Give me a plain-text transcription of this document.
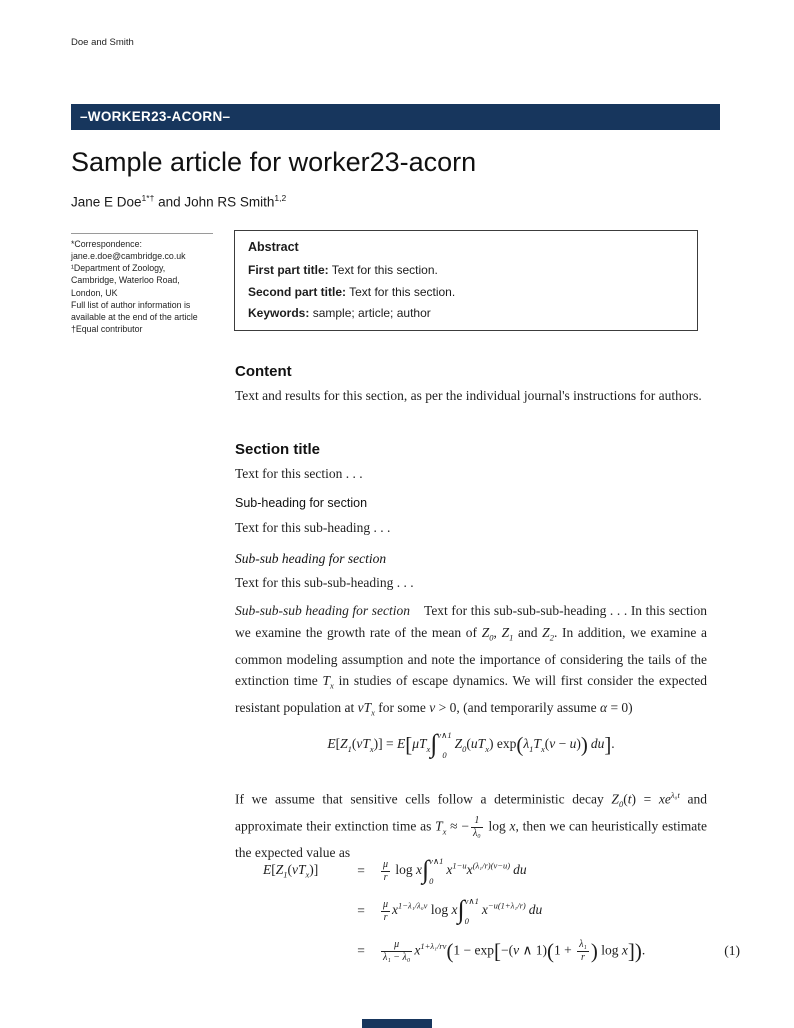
Doe and Smith
–WORKER23-ACORN–
Sample article for worker23-acorn
Jane E Doe$^{1*\dagger}$ and John RS Smith$^{1,2}$
*Correspondence:
jane.e.doe@cambridge.co.uk
¹Department of Zoology,
Cambridge, Waterloo Road,
London, UK
Full list of author information is
available at the end of the article
†Equal contributor
Abstract
First part title: Text for this section.
Second part title: Text for this section.
Keywords: sample; article; author
Content
Text and results for this section, as per the individual journal's instructions for authors.
Section title
Text for this section . . .
Sub-heading for section
Text for this sub-heading . . .
Sub-sub heading for section
Text for this sub-sub-heading . . .
Sub-sub-sub heading for section Text for this sub-sub-sub-heading . . . In this section we examine the growth rate of the mean of $Z_0$, $Z_1$ and $Z_2$. In addition, we examine a common modeling assumption and note the importance of considering the tails of the extinction time $T_x$ in studies of escape dynamics. We will first consider the expected resistant population at $vT_x$ for some v > 0, (and temporarily assume α = 0)
$E[Z_1(vT_x)] = E[\mu T_x\int$ v∧1
0
$Z_0(uT_x) \exp(\lambda_1T_x(v - u))$ du].
If we assume that sensitive cells follow a deterministic decay $Z_0(t) = xe^{\lambda_0t}$ and approximate their extinction time as $T_x$ ≈ − $\frac{1}{\text{λ₀}}$ log x, then we can heuristically estimate the expected value as
$E[Z_1(vT_x)]$	=	$\frac{\mu}{r}$ log x∫ v∧1
0
$x^{1-u}x^{(\lambda_1/r)(v-u)}$ du
=	$\frac{\mu}{r} x^{1-\lambda_1/\lambda_0v}$ log x∫ v∧1
0
$x^{-u(1+\lambda_1/r)}$ du
=	$\frac{\mu}{\text{λ₁ − λ₀}} x^{1+\lambda_1/rv}(1 - \exp[-(v$ ∧ $1)(1 + \frac{\text{λ₁}}{r}$ ) log x]).	(1)
